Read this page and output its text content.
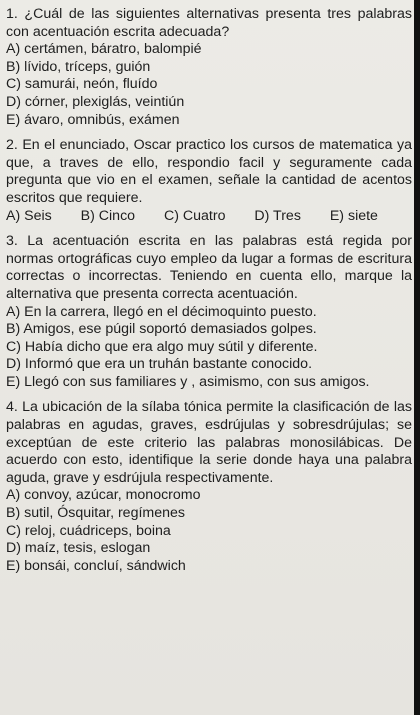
1. ¿Cuál de las siguientes alternativas presenta tres palabras con acentuación escrita adecuada?

A) certámen, báratro, balompié
B) lívido, tríceps, guión
C) samurái, neón, fluído
D) córner, plexiglás, veintiún
E) ávaro, omnibús, exámen

2. En el enunciado, Oscar practico los cursos de matematica ya que, a traves de ello, respondio facil y seguramente cada pregunta que vio en el examen, señale la cantidad de acentos escritos que requiere.

A) Seis B) Cinco C) Cuatro D) Tres E) siete

3. La acentuación escrita en las palabras está regida por normas ortográficas cuyo empleo da lugar a formas de escritura correctas o incorrectas. Teniendo en cuenta ello, marque la alternativa que presenta correcta acentuación.

A) En la carrera, llegó en el décimoquinto puesto.
B) Amigos, ese púgil soportó demasiados golpes.
C) Había dicho que era algo muy sútil y diferente.
D) Informó que era un truhán bastante conocido.
E) Llegó con sus familiares y , asimismo, con sus amigos.

4. La ubicación de la sílaba tónica permite la clasificación de las palabras en agudas, graves, esdrújulas y sobresdrújulas; se exceptúan de este criterio las palabras monosilábicas. De acuerdo con esto, identifique la serie donde haya una palabra aguda, grave y esdrújula respectivamente.

A) convoy, azúcar, monocromo
B) sutil, Ósquitar, regímenes
C) reloj, cuádriceps, boina
D) maíz, tesis, eslogan
E) bonsái, concluí, sándwich
